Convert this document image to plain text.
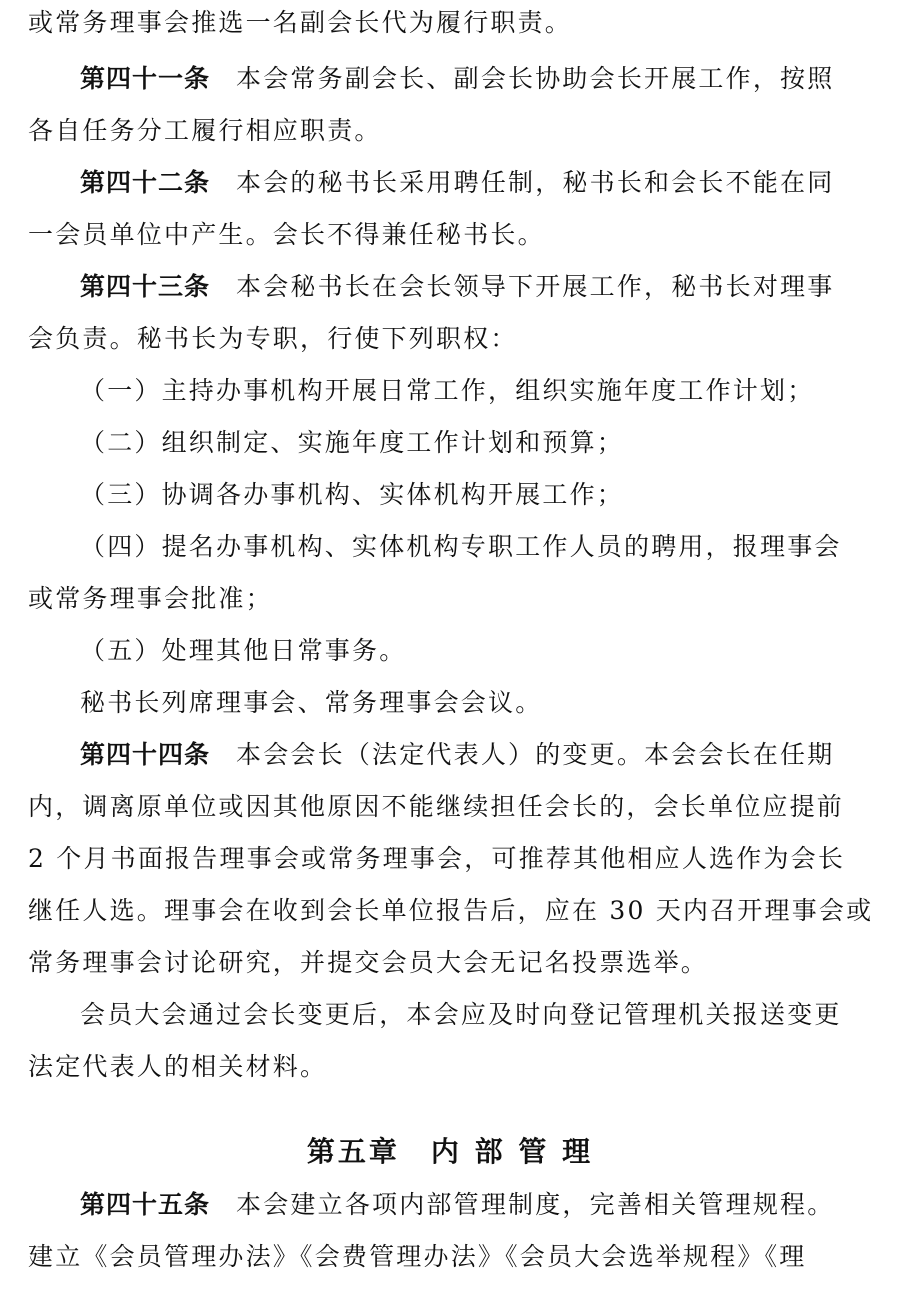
或常务理事会推选一名副会长代为履行职责。
第四十一条 本会常务副会长、副会长协助会长开展工作，按照
各自任务分工履行相应职责。
第四十二条 本会的秘书长采用聘任制，秘书长和会长不能在同
一会员单位中产生。会长不得兼任秘书长。
第四十三条 本会秘书长在会长领导下开展工作，秘书长对理事
会负责。秘书长为专职，行使下列职权：
（一）主持办事机构开展日常工作，组织实施年度工作计划；
（二）组织制定、实施年度工作计划和预算；
（三）协调各办事机构、实体机构开展工作；
（四）提名办事机构、实体机构专职工作人员的聘用，报理事会
或常务理事会批准；
（五）处理其他日常事务。
秘书长列席理事会、常务理事会会议。
第四十四条 本会会长（法定代表人）的变更。本会会长在任期
内，调离原单位或因其他原因不能继续担任会长的，会长单位应提前
2 个月书面报告理事会或常务理事会，可推荐其他相应人选作为会长
继任人选。理事会在收到会长单位报告后，应在 30 天内召开理事会或
常务理事会讨论研究，并提交会员大会无记名投票选举。
会员大会通过会长变更后，本会应及时向登记管理机关报送变更
法定代表人的相关材料。
第五章　内 部 管 理
第四十五条 本会建立各项内部管理制度，完善相关管理规程。
建立《会员管理办法》《会费管理办法》《会员大会选举规程》《理
